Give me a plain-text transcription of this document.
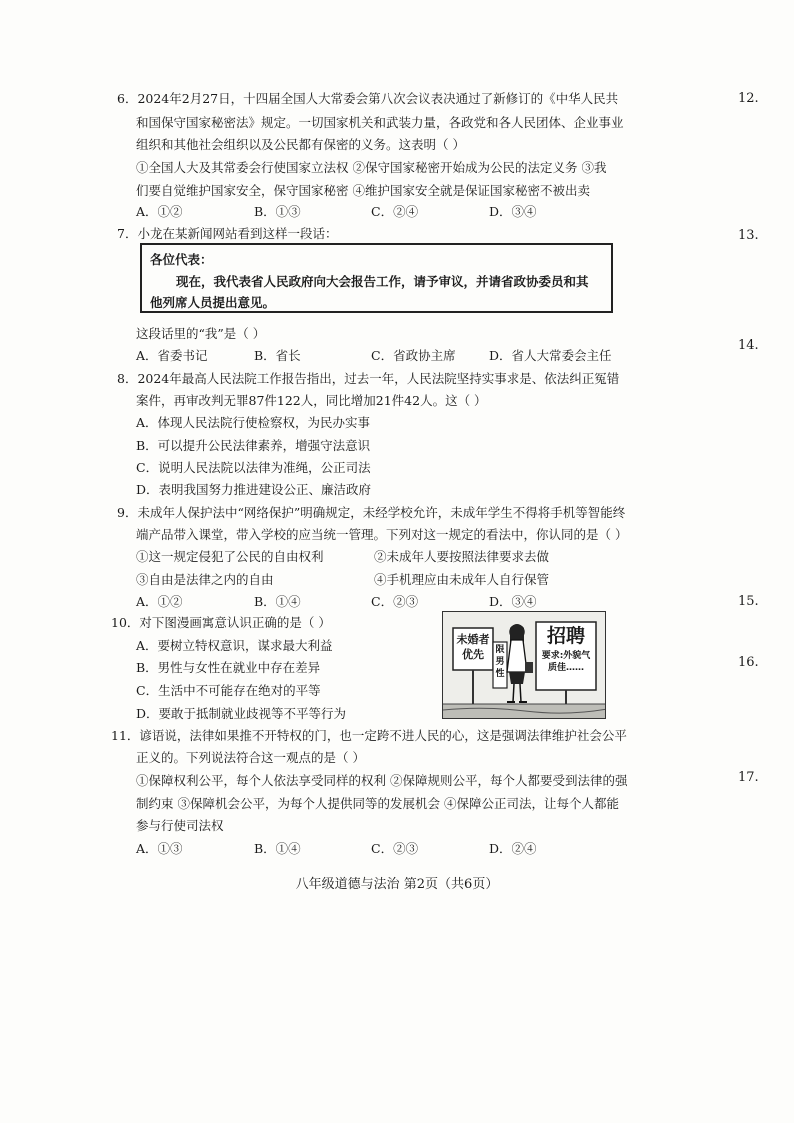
6．2024年2月27日，十四届全国人大常委会第八次会议表决通过了新修订的《中华人民共
和国保守国家秘密法》规定。一切国家机关和武装力量，各政党和各人民团体、企业事业
组织和其他社会组织以及公民都有保密的义务。这表明（ ）
①全国人大及其常委会行使国家立法权 ②保守国家秘密开始成为公民的法定义务 ③我
们要自觉维护国家安全，保守国家秘密 ④维护国家安全就是保证国家秘密不被出卖
A．①②	B．①③	C．②④	D．③④
7．小龙在某新闻网站看到这样一段话：
各位代表：
现在，我代表省人民政府向大会报告工作，请予审议，并请省政协委员和其
他列席人员提出意见。
这段话里的“我”是（ ）
A．省委书记	B．省长	C．省政协主席	D．省人大常委会主任
8．2024年最高人民法院工作报告指出，过去一年，人民法院坚持实事求是、依法纠正冤错
案件，再审改判无罪87件122人，同比增加21件42人。这（ ）
A．体现人民法院行使检察权，为民办实事
B．可以提升公民法律素养，增强守法意识
C．说明人民法院以法律为准绳，公正司法
D．表明我国努力推进建设公正、廉洁政府
9．未成年人保护法中“网络保护”明确规定，未经学校允许，未成年学生不得将手机等智能终
端产品带入课堂，带入学校的应当统一管理。下列对这一规定的看法中，你认同的是（ ）
①这一规定侵犯了公民的自由权利	②未成年人要按照法律要求去做
③自由是法律之内的自由	④手机理应由未成年人自行保管
A．①②	B．①④	C．②③	D．③④
10．对下图漫画寓意认识正确的是（ ）
A．要树立特权意识，谋求最大利益
B．男性与女性在就业中存在差异
C．生活中不可能存在绝对的平等
D．要敢于抵制就业歧视等不平等行为
未婚者优先	限男性
招聘
要求:外貌气质佳……
11．谚语说，法律如果推不开特权的门，也一定跨不进人民的心，这是强调法律维护社会公平
正义的。下列说法符合这一观点的是（ ）
①保障权利公平，每个人依法享受同样的权利 ②保障规则公平，每个人都要受到法律的强
制约束 ③保障机会公平，为每个人提供同等的发展机会 ④保障公正司法，让每个人都能
参与行使司法权
A．①③	B．①④	C．②③	D．②④
12.
13.
14.
15.
16.
17.
八年级道德与法治 第2页（共6页）
